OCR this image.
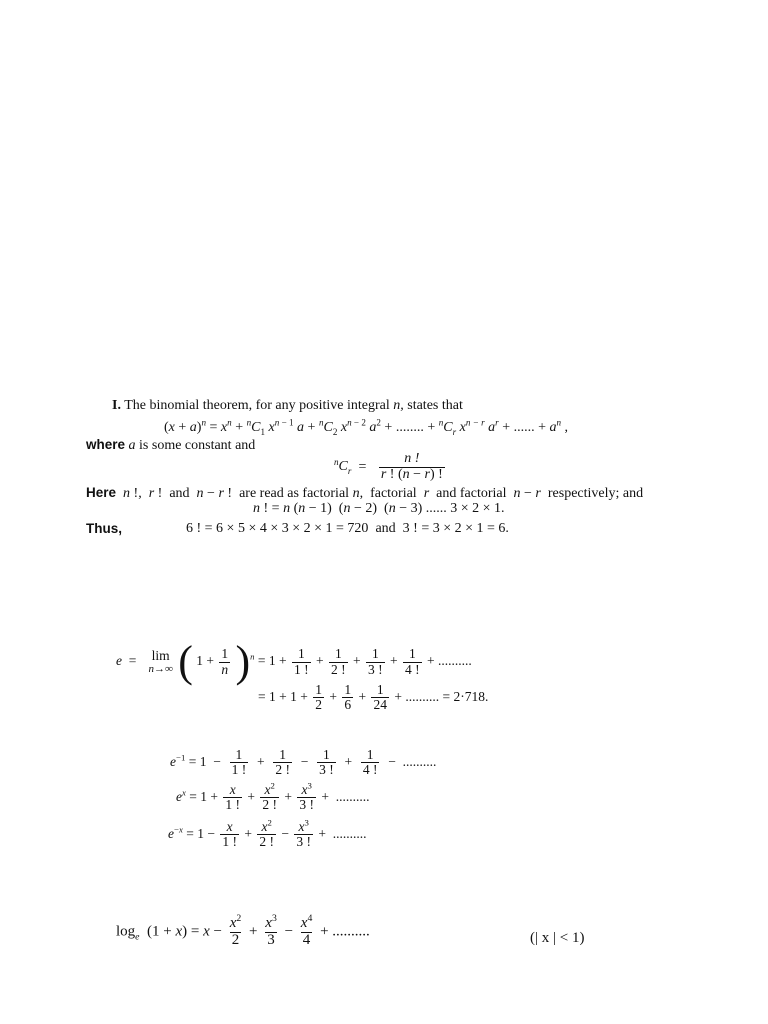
I. The binomial theorem, for any positive integral n, states that
$(x + a)^n = x^n + ^nC_1$ $x^{n - 1}$ $a + ^nC_2$ $x^{n - 2}$ $a^2$ + ........ + $^nC_r$ $x^{n - r}$ $a^r$ + ...... + $a^n$ ,
where a is some constant and
$^nC_r = \frac{n !}{r ! (n - r) !}$
Here n !,  r !  and  n − r !  are read as factorial n,  factorial  r  and factorial  n − r respectively; and
n ! = n (n − 1)  (n − 2)  (n − 3) ...... 3 × 2 × 1.
Thus,	6 ! = 6 × 5 × 4 × 3 × 2 × 1 = 720 and 3 ! = 3 × 2 × 1 = 6.
e  = lim
n→∞ ( $1 + \frac{1}{n} )^n = 1 + \frac{1}{1 !} + \frac{1}{2 !} + \frac{1}{3 !} + \frac{1}{4 !}$ + ..........
= $1 + 1 + \frac{1}{2} + \frac{1}{6} + \frac{1}{24}$ + .......... = 2·718.
$e^{-1} = 1 - \frac{1}{1 !} + \frac{1}{2 !} - \frac{1}{3 !} + \frac{1}{4 !}$ −  ..........
$e^x = 1 + \frac{x}{1 !} + \frac{x^2}{2 !} + \frac{x^3}{3 !}$ +  ..........
$e^{-x} = 1 - \frac{x}{1 !} + \frac{x^2}{2 !} - \frac{x^3}{3 !}$ +  ..........
$\log_e (1 + x) = x - \frac{x^2}{2} + \frac{x^3}{3} - \frac{x^4}{4}$ + ..........	(| x | < 1)
